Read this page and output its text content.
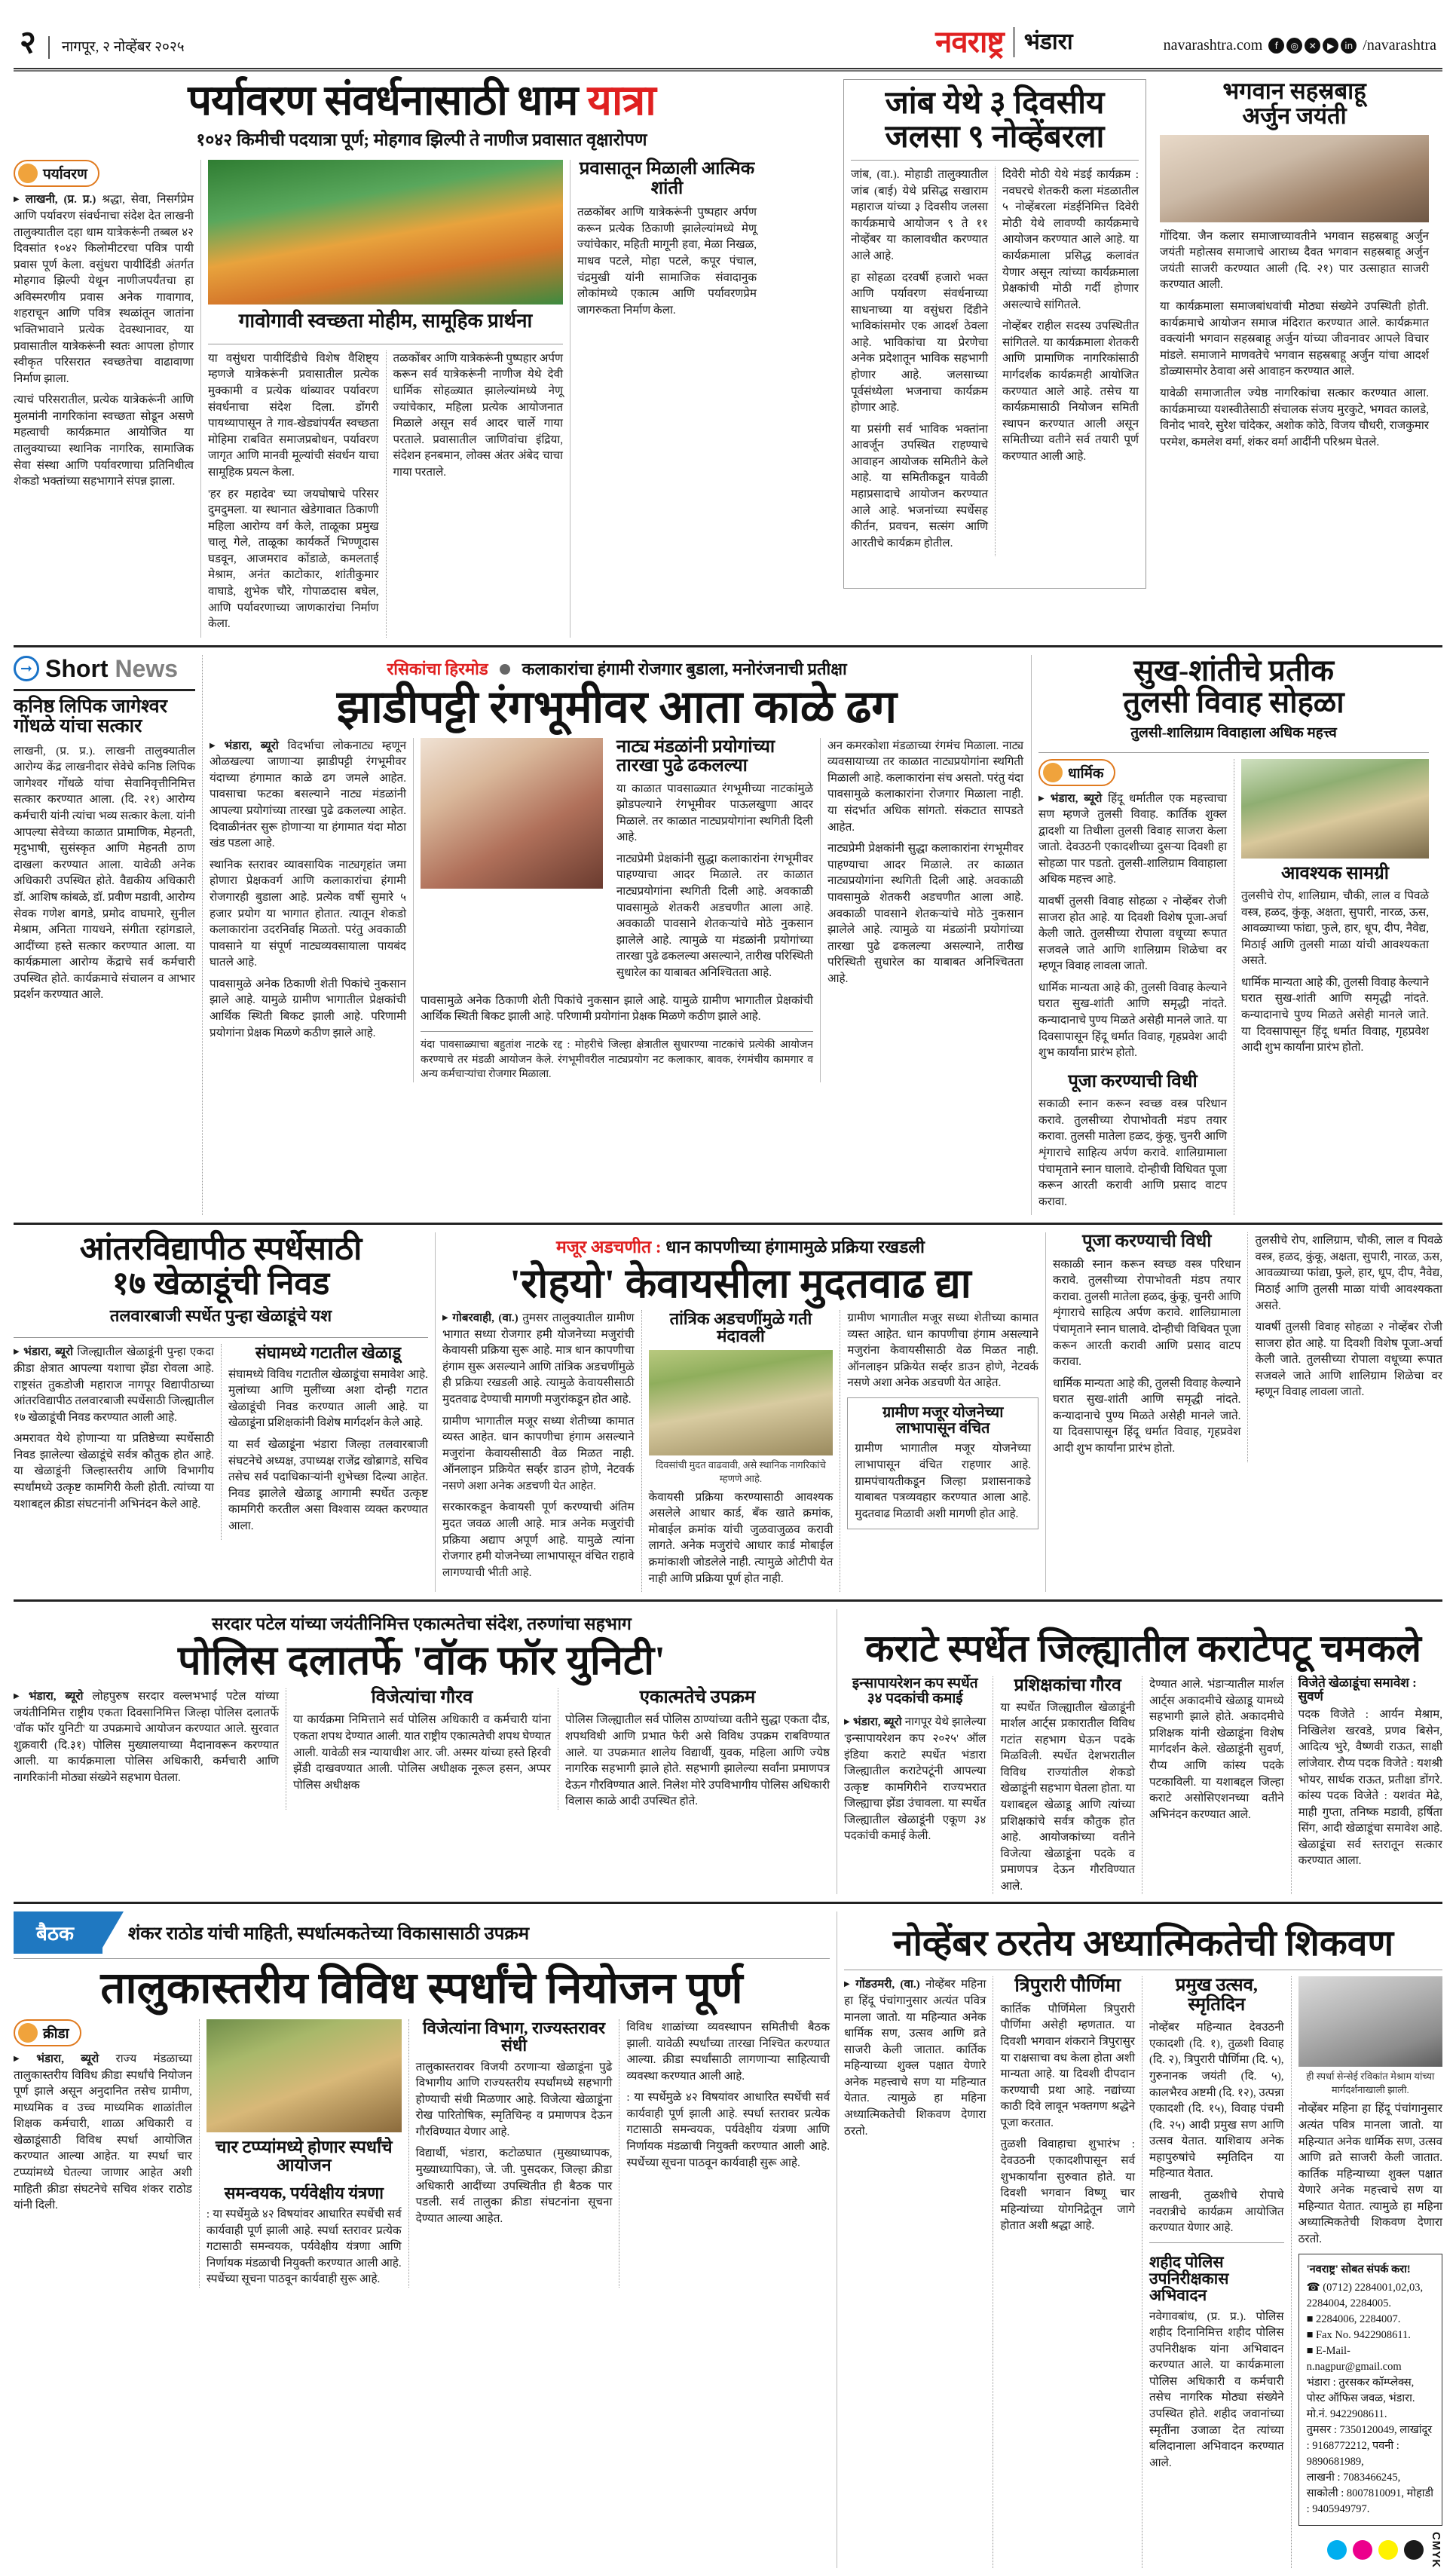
२	नागपूर, २ नोव्हेंबर २०२५	नवराष्ट्र भंडारा	navarashtra.com	f	◎	✕	▶	in /navarashtra
पर्यावरण संवर्धनासाठी धाम यात्रा
१०४२ किमीची पदयात्रा पूर्ण; मोहगाव झिल्पी ते नाणीज प्रवासात वृक्षारोपण
पर्यावरण

▶ लाखनी, (प्र. प्र.) श्रद्धा, सेवा, निसर्गप्रेम आणि पर्यावरण संवर्धनाचा संदेश देत लाखनी तालुक्यातील दहा धाम यात्रेकरूंनी तब्बल ४२ दिवसांत १०४२ किलोमीटरचा पवित्र पायी प्रवास पूर्ण केला. वसुंधरा पायीदिंडी अंतर्गत मोहगाव झिल्पी येथून नाणीजपर्यंतचा हा अविस्मरणीय प्रवास अनेक गावागाव, शहराचून आणि पवित्र स्थळांतून जातांना भक्तिभावाने प्रत्येक देवस्थानावर, या प्रवासातील यात्रेकरूंनी स्वतः आपला होणार स्वीकृत परिसरात स्वच्छतेचा वाढावाणा निर्माण झाला.

त्याचं परिसरातील, प्रत्येक यात्रेकरूंनी आणि मुलमांनी नागरिकांना स्वच्छता सोडून असणे महत्वाची कार्यक्रमात आयोजित या तालुक्याच्या स्थानिक नागरिक, सामाजिक सेवा संस्था आणि पर्यावरणाचा प्रतिनिधीत्व शेकडो भक्तांच्या सहभागाने संपन्न झाला.

गावोगावी स्वच्छता मोहीम, सामूहिक प्रार्थना

या वसुंधरा पायीदिंडीचे विशेष वैशिष्ट्य म्हणजे यात्रेकरूंनी प्रवासातील प्रत्येक मुक्कामी व प्रत्येक थांब्यावर पर्यावरण संवर्धनाचा संदेश दिला. डोंगरी पायथ्यापासून ते गाव-खेड्यांपर्यंत स्वच्छता मोहिमा राबवित समाजप्रबोधन, पर्यावरण जागृत आणि मानवी मूल्यांची संवर्धन याचा सामूहिक प्रयत्न केला.

'हर हर महादेव' च्या जयघोषाचे परिसर दुमदुमला. या स्थानात खेडेगावात ठिकाणी महिला आरोग्य वर्ग केले, ताळूका प्रमुख चालू गेले, ताळूका कार्यकर्ते भिण्णूदास घडवून, आजमराव कोंडाळे, कमलताई मेश्राम, अनंत काटोकार, शांतीकुमार वाघाडे, शुभेक चौरे, गोपाळदास बघेल, आणि पर्यावरणाच्या जाणकारांचा निर्माण केला.

तळकोंबर आणि यात्रेकरूंनी पुष्पहार अर्पण करून सर्व यात्रेकरूंनी नाणीज येथे देवी धार्मिक सोहळ्यात झालेल्यांमध्ये नेणू ज्यांचेकार, महिला प्रत्येक आयोजनात मिळाले असून सर्व आदर चार्ले गाया परताले. प्रवासातील जाणिवांचा इंद्रिया, संदेशन हनबमान, लोक्स अंतर अंबेद चाचा गाया परताले.

प्रवासातून मिळाली आत्मिक शांती

तळकोंबर आणि यात्रेकरूंनी पुष्पहार अर्पण करून प्रत्येक ठिकाणी झालेल्यांमध्ये मेणू ज्यांचेकार, महिती मागूनी हवा, मेळा निखळ, माधव पटले, मोहा पटले, कपूर पंचाल, चंद्रमुखी यांनी सामाजिक संवादानुक लोकांमध्ये एकात्म आणि पर्यावरणप्रेम जागरुकता निर्माण केला.

जांब येथे ३ दिवसीय
जलसा ९ नोव्हेंबरला

जांब, (वा.). मोहाडी तालुक्यातील जांब (बाई) येथे प्रसिद्ध सखाराम महाराज यांच्या ३ दिवसीय जलसा कार्यक्रमाचे आयोजन ९ ते ११ नोव्हेंबर या कालावधीत करण्यात आले आहे.

हा सोहळा दरवर्षी हजारो भक्त आणि पर्यावरण संवर्धनाच्या साधनाच्या या वसुंधरा दिंडीने भाविकांसमोर एक आदर्श ठेवला आहे. भाविकांचा या प्रेरणेचा अनेक प्रदेशातून भाविक सहभागी होणार आहे. जलसाच्या पूर्वसंध्येला भजनाचा कार्यक्रम होणार आहे.

या प्रसंगी सर्व भाविक भक्तांना आवर्जून उपस्थित राहण्याचे आवाहन आयोजक समितीने केले आहे. या समितीकडून यावेळी महाप्रसादाचे आयोजन करण्यात आले आहे. भजनांच्या स्पर्धेसह कीर्तन, प्रवचन, सत्संग आणि आरतीचे कार्यक्रम होतील.

दिवेरी मोठी येथे मंडई कार्यक्रम : नवघरचे शेतकरी कला मंडळातील ५ नोव्हेंबरला मंडईनिमित्त दिवेरी मोठी येथे लावण्यी कार्यक्रमाचे आयोजन करण्यात आले आहे. या कार्यक्रमाला प्रसिद्ध कलावंत येणार असून त्यांच्या कार्यक्रमाला प्रेक्षकांची मोठी गर्दी होणार असल्याचे सांगितले.

नोव्हेंबर राहील सदस्य उपस्थितीत सांगितले. या कार्यक्रमाला शेतकरी आणि प्रामाणिक नागरिकांसाठी मार्गदर्शक कार्यक्रमही आयोजित करण्यात आले आहे. तसेच या कार्यक्रमासाठी नियोजन समिती स्थापन करण्यात आली असून समितीच्या वतीने सर्व तयारी पूर्ण करण्यात आली आहे.

भगवान सहस्रबाहू
अर्जुन जयंती

गोंदिया. जैन कलार समाजाच्यावतीने भगवान सहस्रबाहू अर्जुन जयंती महोत्सव समाजाचे आराध्य दैवत भगवान सहस्रबाहू अर्जुन जयंती साजरी करण्यात आली (दि. २१) पार उत्साहात साजरी करण्यात आली.

या कार्यक्रमाला समाजबांधवांची मोठ्या संख्येने उपस्थिती होती. कार्यक्रमाचे आयोजन समाज मंदिरात करण्यात आले. कार्यक्रमात वक्त्यांनी भगवान सहस्रबाहू अर्जुन यांच्या जीवनावर आपले विचार मांडले. समाजाने माणवतेचे भगवान सहस्रबाहू अर्जुन यांचा आदर्श डोळ्यासमोर ठेवावा असे आवाहन करण्यात आले.

यावेळी समाजातील ज्येष्ठ नागरिकांचा सत्कार करण्यात आला. कार्यक्रमाच्या यशस्वीतेसाठी संचालक संजय मुरकुटे, भगवत कालडे, विनोद भावरे, सुरेश चांदेकर, अशोक कोठे, विजय चौधरी, राजकुमार परमेश, कमलेश वर्मा, शंकर वर्मा आदींनी परिश्रम घेतले.

➞ Short News
कनिष्ठ लिपिक जागेश्वर
गोंधळे यांचा सत्कार

लाखनी, (प्र. प्र.). लाखनी तालुक्यातील आरोग्य केंद्र लाखनीदार सेवेचे कनिष्ठ लिपिक जागेश्वर गोंधळे यांचा सेवानिवृत्तीनिमित्त सत्कार करण्यात आला. (दि. २१) आरोग्य कर्मचारी यांनी त्यांचा भव्य सत्कार केला. यांनी आपल्या सेवेच्या काळात प्रामाणिक, मेहनती, मृदुभाषी, सुसंस्कृत आणि मेहनती ठाण दाखला करण्यात आला. यावेळी अनेक अधिकारी उपस्थित होते. वैद्यकीय अधिकारी डॉ. आशिष कांबळे, डॉ. प्रवीण मडावी, आरोग्य सेवक गणेश बागडे, प्रमोद वाघमारे, सुनील मेश्राम, अनिता गायधने, संगीता रहांगडाले, आदींच्या हस्ते सत्कार करण्यात आला. या कार्यक्रमाला आरोग्य केंद्राचे सर्व कर्मचारी उपस्थित होते. कार्यक्रमाचे संचालन व आभार प्रदर्शन करण्यात आले.

रसिकांचा हिरमोड कलाकारांचा हंगामी रोजगार बुडाला, मनोरंजनाची प्रतीक्षा
झाडीपट्टी रंगभूमीवर आता काळे ढग

▶ भंडारा, ब्यूरो विदर्भाचा लोकनाट्य म्हणून ओळखल्या जाणाऱ्या झाडीपट्टी रंगभूमीवर यंदाच्या हंगामात काळे ढग जमले आहेत. पावसाचा फटका बसल्याने नाट्य मंडळांनी आपल्या प्रयोगांच्या तारखा पुढे ढकलल्या आहेत. दिवाळीनंतर सुरू होणाऱ्या या हंगामात यंदा मोठा खंड पडला आहे.

स्थानिक स्तरावर व्यावसायिक नाट्यगृहांत जमा होणारा प्रेक्षकवर्ग आणि कलाकारांचा हंगामी रोजगारही बुडाला आहे. प्रत्येक वर्षी सुमारे ५ हजार प्रयोग या भागात होतात. त्यातून शेकडो कलाकारांना उदरनिर्वाह मिळतो. परंतु अवकाळी पावसाने या संपूर्ण नाट्यव्यवसायाला पायबंद घातले आहे.

पावसामुळे अनेक ठिकाणी शेती पिकांचे नुकसान झाले आहे. यामुळे ग्रामीण भागातील प्रेक्षकांची आर्थिक स्थिती बिकट झाली आहे. परिणामी प्रयोगांना प्रेक्षक मिळणे कठीण झाले आहे.

नाट्य मंडळांनी प्रयोगांच्या तारखा पुढे ढकलल्या

या काळात पावसाळ्यात रंगभूमीच्या नाटकांमुळे झोडपल्याने रंगभूमीवर पाऊलखुणा आदर मिळाले. तर काळात नाट्यप्रयोगांना स्थगिती दिली आहे.

नाट्यप्रेमी प्रेक्षकांनी सुद्धा कलाकारांना रंगभूमीवर पाहण्याचा आदर मिळाले. तर काळात नाट्यप्रयोगांना स्थगिती दिली आहे. अवकाळी पावसामुळे शेतकरी अडचणीत आला आहे. अवकाळी पावसाने शेतकऱ्यांचे मोठे नुकसान झालेले आहे. त्यामुळे या मंडळांनी प्रयोगांच्या तारखा पुढे ढकलल्या असल्याने, तारीख परिस्थिती सुधारेल का याबाबत अनिश्चितता आहे.

पावसामुळे अनेक ठिकाणी शेती पिकांचे नुकसान झाले आहे. यामुळे ग्रामीण भागातील प्रेक्षकांची आर्थिक स्थिती बिकट झाली आहे. परिणामी प्रयोगांना प्रेक्षक मिळणे कठीण झाले आहे.

यंदा पावसाळ्याचा बहुतांश नाटके रद्द : मोहरीचे जिल्हा क्षेत्रातील सुधारण्या नाटकांचे प्रत्येकी आयोजन करण्याचे तर मंडळी आयोजन केले. रंगभूमीवरील नाट्यप्रयोग नट कलाकार, बावक, रंगमंचीय कामगार व अन्य कर्मचाऱ्यांचा रोजगार मिळाला.

अन कमरकोशा मंडळाच्या रंगमंच मिळाला. नाट्य व्यवसायाच्या तर काळात नाट्यप्रयोगांना स्थगिती मिळाली आहे. कलाकारांना संच असतो. परंतु यंदा पावसामुळे कलाकारांना रोजगार मिळाला नाही. या संदर्भात अधिक सांगतो. संकटात सापडते आहेत.

नाट्यप्रेमी प्रेक्षकांनी सुद्धा कलाकारांना रंगभूमीवर पाहण्याचा आदर मिळाले. तर काळात नाट्यप्रयोगांना स्थगिती दिली आहे. अवकाळी पावसामुळे शेतकरी अडचणीत आला आहे. अवकाळी पावसाने शेतकऱ्यांचे मोठे नुकसान झालेले आहे. त्यामुळे या मंडळांनी प्रयोगांच्या तारखा पुढे ढकलल्या असल्याने, तारीख परिस्थिती सुधारेल का याबाबत अनिश्चितता आहे.

सुख-शांतीचे प्रतीक
तुलसी विवाह सोहळा
तुलसी-शालिग्राम विवाहाला अधिक महत्त्व
धार्मिक

▶ भंडारा, ब्यूरो हिंदू धर्मातील एक महत्त्वाचा सण म्हणजे तुलसी विवाह. कार्तिक शुक्ल द्वादशी या तिथीला तुलसी विवाह साजरा केला जातो. देवउठनी एकादशीच्या दुसऱ्या दिवशी हा सोहळा पार पडतो. तुलसी-शालिग्राम विवाहाला अधिक महत्त्व आहे.

यावर्षी तुलसी विवाह सोहळा २ नोव्हेंबर रोजी साजरा होत आहे. या दिवशी विशेष पूजा-अर्चा केली जाते. तुलसीच्या रोपाला वधूच्या रूपात सजवले जाते आणि शालिग्राम शिळेचा वर म्हणून विवाह लावला जातो.

धार्मिक मान्यता आहे की, तुलसी विवाह केल्याने घरात सुख-शांती आणि समृद्धी नांदते. कन्यादानाचे पुण्य मिळते असेही मानले जाते. या दिवसापासून हिंदू धर्मात विवाह, गृहप्रवेश आदी शुभ कार्यांना प्रारंभ होतो.

पूजा करण्याची विधी

सकाळी स्नान करून स्वच्छ वस्त्र परिधान करावे. तुलसीच्या रोपाभोवती मंडप तयार करावा. तुलसी मातेला हळद, कुंकू, चुनरी आणि शृंगाराचे साहित्य अर्पण करावे. शालिग्रामाला पंचामृताने स्नान घालावे. दोन्हीची विधिवत पूजा करून आरती करावी आणि प्रसाद वाटप करावा.

आवश्यक सामग्री

तुलसीचे रोप, शालिग्राम, चौकी, लाल व पिवळे वस्त्र, हळद, कुंकू, अक्षता, सुपारी, नारळ, ऊस, आवळ्याच्या फांद्या, फुले, हार, धूप, दीप, नैवेद्य, मिठाई आणि तुलसी माळा यांची आवश्यकता असते.

धार्मिक मान्यता आहे की, तुलसी विवाह केल्याने घरात सुख-शांती आणि समृद्धी नांदते. कन्यादानाचे पुण्य मिळते असेही मानले जाते. या दिवसापासून हिंदू धर्मात विवाह, गृहप्रवेश आदी शुभ कार्यांना प्रारंभ होतो.

आंतरविद्यापीठ स्पर्धेसाठी
१७ खेळाडूंची निवड
तलवारबाजी स्पर्धेत पुन्हा खेळाडूंचे यश

▶ भंडारा, ब्यूरो जिल्ह्यातील खेळाडूंनी पुन्हा एकदा क्रीडा क्षेत्रात आपल्या यशाचा झेंडा रोवला आहे. राष्ट्रसंत तुकडोजी महाराज नागपूर विद्यापीठाच्या आंतरविद्यापीठ तलवारबाजी स्पर्धेसाठी जिल्ह्यातील १७ खेळाडूंची निवड करण्यात आली आहे.

अमरावत येथे होणाऱ्या या प्रतिष्ठेच्या स्पर्धेसाठी निवड झालेल्या खेळाडूंचे सर्वत्र कौतुक होत आहे. या खेळाडूंनी जिल्हास्तरीय आणि विभागीय स्पर्धांमध्ये उत्कृष्ट कामगिरी केली होती. त्यांच्या या यशाबद्दल क्रीडा संघटनांनी अभिनंदन केले आहे.

संघामध्ये गटातील खेळाडू

संघामध्ये विविध गटातील खेळाडूंचा समावेश आहे. मुलांच्या आणि मुलींच्या अशा दोन्ही गटात खेळाडूंची निवड करण्यात आली आहे. या खेळाडूंना प्रशिक्षकांनी विशेष मार्गदर्शन केले आहे.

या सर्व खेळाडूंना भंडारा जिल्हा तलवारबाजी संघटनेचे अध्यक्ष, उपाध्यक्ष राजेंद्र खोब्रागडे, सचिव तसेच सर्व पदाधिकाऱ्यांनी शुभेच्छा दिल्या आहेत. निवड झालेले खेळाडू आगामी स्पर्धेत उत्कृष्ट कामगिरी करतील असा विश्वास व्यक्त करण्यात आला.

मजूर अडचणीत : धान कापणीच्या हंगामामुळे प्रक्रिया रखडली
'रोहयो' केवायसीला मुदतवाढ द्या

▶ गोबरवाही, (वा.) तुमसर तालुक्यातील ग्रामीण भागात सध्या रोजगार हमी योजनेच्या मजुरांची केवायसी प्रक्रिया सुरू आहे. मात्र धान कापणीचा हंगाम सुरू असल्याने आणि तांत्रिक अडचणींमुळे ही प्रक्रिया रखडली आहे. त्यामुळे केवायसीसाठी मुदतवाढ देण्याची मागणी मजुरांकडून होत आहे.

ग्रामीण भागातील मजूर सध्या शेतीच्या कामात व्यस्त आहेत. धान कापणीचा हंगाम असल्याने मजुरांना केवायसीसाठी वेळ मिळत नाही. ऑनलाइन प्रक्रियेत सर्व्हर डाउन होणे, नेटवर्क नसणे अशा अनेक अडचणी येत आहेत.

सरकारकडून केवायसी पूर्ण करण्याची अंतिम मुदत जवळ आली आहे. मात्र अनेक मजुरांची प्रक्रिया अद्याप अपूर्ण आहे. यामुळे त्यांना रोजगार हमी योजनेच्या लाभापासून वंचित राहावे लागण्याची भीती आहे.

तांत्रिक अडचणींमुळे गती मंदावली
दिवसांची मुदत वाढवावी, असे स्थानिक नागरिकांचे म्हणणे आहे.

केवायसी प्रक्रिया करण्यासाठी आवश्यक असलेले आधार कार्ड, बँक खाते क्रमांक, मोबाईल क्रमांक यांची जुळवाजुळव करावी लागते. अनेक मजुरांचे आधार कार्ड मोबाईल क्रमांकाशी जोडलेले नाही. त्यामुळे ओटीपी येत नाही आणि प्रक्रिया पूर्ण होत नाही.

ग्रामीण भागातील मजूर सध्या शेतीच्या कामात व्यस्त आहेत. धान कापणीचा हंगाम असल्याने मजुरांना केवायसीसाठी वेळ मिळत नाही. ऑनलाइन प्रक्रियेत सर्व्हर डाउन होणे, नेटवर्क नसणे अशा अनेक अडचणी येत आहेत.

ग्रामीण मजूर योजनेच्या लाभापासून वंचित
ग्रामीण भागातील मजूर योजनेच्या लाभापासून वंचित राहणार आहे. ग्रामपंचायतीकडून जिल्हा प्रशासनाकडे याबाबत पत्रव्यवहार करण्यात आला आहे. मुदतवाढ मिळावी अशी मागणी होत आहे.
पूजा करण्याची विधी

सकाळी स्नान करून स्वच्छ वस्त्र परिधान करावे. तुलसीच्या रोपाभोवती मंडप तयार करावा. तुलसी मातेला हळद, कुंकू, चुनरी आणि शृंगाराचे साहित्य अर्पण करावे. शालिग्रामाला पंचामृताने स्नान घालावे. दोन्हीची विधिवत पूजा करून आरती करावी आणि प्रसाद वाटप करावा.

धार्मिक मान्यता आहे की, तुलसी विवाह केल्याने घरात सुख-शांती आणि समृद्धी नांदते. कन्यादानाचे पुण्य मिळते असेही मानले जाते. या दिवसापासून हिंदू धर्मात विवाह, गृहप्रवेश आदी शुभ कार्यांना प्रारंभ होतो.

तुलसीचे रोप, शालिग्राम, चौकी, लाल व पिवळे वस्त्र, हळद, कुंकू, अक्षता, सुपारी, नारळ, ऊस, आवळ्याच्या फांद्या, फुले, हार, धूप, दीप, नैवेद्य, मिठाई आणि तुलसी माळा यांची आवश्यकता असते.

यावर्षी तुलसी विवाह सोहळा २ नोव्हेंबर रोजी साजरा होत आहे. या दिवशी विशेष पूजा-अर्चा केली जाते. तुलसीच्या रोपाला वधूच्या रूपात सजवले जाते आणि शालिग्राम शिळेचा वर म्हणून विवाह लावला जातो.

सरदार पटेल यांच्या जयंतीनिमित्त एकात्मतेचा संदेश, तरुणांचा सहभाग
पोलिस दलातर्फे 'वॉक फॉर युनिटी'

▶ भंडारा, ब्यूरो लोहपुरुष सरदार वल्लभभाई पटेल यांच्या जयंतीनिमित्त राष्ट्रीय एकता दिवसानिमित्त जिल्हा पोलिस दलातर्फे 'वॉक फॉर युनिटी' या उपक्रमाचे आयोजन करण्यात आले. सुरवात शुक्रवारी (दि.३१) पोलिस मुख्यालयाच्या मैदानावरून करण्यात आली. या कार्यक्रमाला पोलिस अधिकारी, कर्मचारी आणि नागरिकांनी मोठ्या संख्येने सहभाग घेतला.

विजेत्यांचा गौरव
या कार्यक्रमा निमित्ताने सर्व पोलिस अधिकारी व कर्मचारी यांना एकता शपथ देण्यात आली. यात राष्ट्रीय एकात्मतेची शपथ घेण्यात आली. यावेळी सत्र न्यायाधीश आर. जी. अस्मर यांच्या हस्ते हिरवी झेंडी दाखवण्यात आली. पोलिस अधीक्षक नूरूल हसन, अप्पर पोलिस अधीक्षक
एकात्मतेचे उपक्रम
पोलिस जिल्ह्यातील सर्व पोलिस ठाण्यांच्या वतीने सुद्धा एकता दौड, शपथविधी आणि प्रभात फेरी असे विविध उपक्रम राबविण्यात आले. या उपक्रमात शालेय विद्यार्थी, युवक, महिला आणि ज्येष्ठ नागरिक सहभागी झाले होते. सहभागी झालेल्या सर्वांना प्रमाणपत्र देऊन गौरविण्यात आले. निलेश मोरे उपविभागीय पोलिस अधिकारी विलास काळे आदी उपस्थित होते.
कराटे स्पर्धेत जिल्ह्यातील कराटेपटू चमकले
इन्सापायरेशन कप स्पर्धेत
३४ पदकांची कमाई

▶ भंडारा, ब्यूरो नागपूर येथे झालेल्या 'इन्सापायरेशन कप २०२५' ऑल इंडिया कराटे स्पर्धेत भंडारा जिल्ह्यातील कराटेपटूंनी आपल्या उत्कृष्ट कामगिरीने राज्यभरात जिल्ह्याचा झेंडा उंचावला. या स्पर्धेत जिल्ह्यातील खेळाडूंनी एकूण ३४ पदकांची कमाई केली.

प्रशिक्षकांचा गौरव
या स्पर्धेत जिल्ह्यातील खेळाडूंनी मार्शल आर्ट्स प्रकारातील विविध गटांत सहभाग घेऊन पदके मिळविली. स्पर्धेत देशभरातील विविध राज्यांतील शेकडो खेळाडूंनी सहभाग घेतला होता. या यशाबद्दल खेळाडू आणि त्यांच्या प्रशिक्षकांचे सर्वत्र कौतुक होत आहे. आयोजकांच्या वतीने विजेत्या खेळाडूंना पदके व प्रमाणपत्र देऊन गौरविण्यात आले.
देण्यात आले. भंडाऱ्यातील मार्शल आर्ट्स अकादमीचे खेळाडू यामध्ये सहभागी झाले होते. अकादमीचे प्रशिक्षक यांनी खेळाडूंना विशेष मार्गदर्शन केले. खेळाडूंनी सुवर्ण, रौप्य आणि कांस्य पदके पटकाविली. या यशाबद्दल जिल्हा कराटे असोसिएशनच्या वतीने अभिनंदन करण्यात आले.
विजेते खेळाडूंचा समावेश : सुवर्ण
पदक विजेते : आर्यन मेश्राम, निखिलेश खरवडे, प्रणव बिसेन, आदित्य भुरे, वैष्णवी राऊत, साक्षी लांजेवार. रौप्य पदक विजेते : यशश्री भोयर, सार्थक राऊत, प्रतीक्षा डोंगरे. कांस्य पदक विजेते : यशवंत मेढे, माही गुप्ता, तनिष्क मडावी, हर्षिता सिंग, आदी खेळाडूंचा समावेश आहे. खेळाडूंचा सर्व स्तरातून सत्कार करण्यात आला.
बैठक	शंकर राठोड यांची माहिती, स्पर्धात्मकतेच्या विकासासाठी उपक्रम
तालुकास्तरीय विविध स्पर्धांचे नियोजन पूर्ण
क्रीडा

▶ भंडारा, ब्यूरो राज्य मंडळाच्या तालुकास्तरीय विविध क्रीडा स्पर्धांचे नियोजन पूर्ण झाले असून अनुदानित तसेच ग्रामीण, माध्यमिक व उच्च माध्यमिक शाळांतील शिक्षक कर्मचारी, शाळा अधिकारी व खेळाडूंसाठी विविध स्पर्धा आयोजित करण्यात आल्या आहेत. या स्पर्धा चार टप्प्यांमध्ये घेतल्या जाणार आहेत अशी माहिती क्रीडा संघटनेचे सचिव शंकर राठोड यांनी दिली.

चार टप्प्यांमध्ये होणार स्पर्धांचे आयोजन
समन्वयक, पर्यवेक्षीय यंत्रणा
: या स्पर्धेमुळे ४२ विषयांवर आधारित स्पर्धेची सर्व कार्यवाही पूर्ण झाली आहे. स्पर्धा स्तरावर प्रत्येक गटासाठी समन्वयक, पर्यवेक्षीय यंत्रणा आणि निर्णायक मंडळाची नियुक्ती करण्यात आली आहे. स्पर्धेच्या सूचना पाठवून कार्यवाही सुरू आहे.
विजेत्यांना विभाग, राज्यस्तरावर संधी

तालुकास्तरावर विजयी ठरणाऱ्या खेळाडूंना पुढे विभागीय आणि राज्यस्तरीय स्पर्धांमध्ये सहभागी होण्याची संधी मिळणार आहे. विजेत्या खेळाडूंना रोख पारितोषिक, स्मृतिचिन्ह व प्रमाणपत्र देऊन गौरविण्यात येणार आहे.

विद्यार्थी, भंडारा, कटोळघात (मुख्याध्यापक, मुख्याध्यापिका), जे. जी. पुसदकर, जिल्हा क्रीडा अधिकारी आदींच्या उपस्थितीत ही बैठक पार पडली. सर्व तालुका क्रीडा संघटनांना सूचना देण्यात आल्या आहेत.

विविध शाळांच्या व्यवस्थापन समितीची बैठक झाली. यावेळी स्पर्धांच्या तारखा निश्चित करण्यात आल्या. क्रीडा स्पर्धांसाठी लागणाऱ्या साहित्याची व्यवस्था करण्यात आली आहे.

: या स्पर्धेमुळे ४२ विषयांवर आधारित स्पर्धेची सर्व कार्यवाही पूर्ण झाली आहे. स्पर्धा स्तरावर प्रत्येक गटासाठी समन्वयक, पर्यवेक्षीय यंत्रणा आणि निर्णायक मंडळाची नियुक्ती करण्यात आली आहे. स्पर्धेच्या सूचना पाठवून कार्यवाही सुरू आहे.

नोव्हेंबर ठरतेय अध्यात्मिकतेची शिकवण

▶ गोंडउमरी, (वा.) नोव्हेंबर महिना हा हिंदू पंचांगानुसार अत्यंत पवित्र मानला जातो. या महिन्यात अनेक धार्मिक सण, उत्सव आणि व्रते साजरी केली जातात. कार्तिक महिन्याच्या शुक्ल पक्षात येणारे अनेक महत्त्वाचे सण या महिन्यात येतात. त्यामुळे हा महिना अध्यात्मिकतेची शिकवण देणारा ठरतो.

त्रिपुरारी पौर्णिमा

कार्तिक पौर्णिमेला त्रिपुरारी पौर्णिमा असेही म्हणतात. या दिवशी भगवान शंकराने त्रिपुरासुर या राक्षसाचा वध केला होता अशी मान्यता आहे. या दिवशी दीपदान करण्याची प्रथा आहे. नद्यांच्या काठी दिवे लावून भक्तगण श्रद्धेने पूजा करतात.

तुळशी विवाहाचा शुभारंभ : देवउठनी एकादशीपासून सर्व शुभकार्यांना सुरुवात होते. या दिवशी भगवान विष्णू चार महिन्यांच्या योगनिद्रेतून जागे होतात अशी श्रद्धा आहे.

प्रमुख उत्सव, स्मृतिदिन

नोव्हेंबर महिन्यात देवउठनी एकादशी (दि. १), तुळशी विवाह (दि. २), त्रिपुरारी पौर्णिमा (दि. ५), गुरुनानक जयंती (दि. ५), कालभैरव अष्टमी (दि. १२), उत्पन्ना एकादशी (दि. १५), विवाह पंचमी (दि. २५) आदी प्रमुख सण आणि उत्सव येतात. याशिवाय अनेक महापुरुषांचे स्मृतिदिन या महिन्यात येतात.

लाखनी, तुळशीचे रोपाचे नवरात्रीचे कार्यक्रम आयोजित करण्यात येणार आहे.

शहीद पोलिस उपनिरीक्षकास अभिवादन
नवेगावबांध, (प्र. प्र.). पोलिस शहीद दिनानिमित्त शहीद पोलिस उपनिरीक्षक यांना अभिवादन करण्यात आले. या कार्यक्रमाला पोलिस अधिकारी व कर्मचारी तसेच नागरिक मोठ्या संख्येने उपस्थित होते. शहीद जवानांच्या स्मृतींना उजाळा देत त्यांच्या बलिदानाला अभिवादन करण्यात आले.
ही स्पर्धा सेन्सेई रविकांत मेश्राम यांच्या मार्गदर्शनाखाली झाली.

नोव्हेंबर महिना हा हिंदू पंचांगानुसार अत्यंत पवित्र मानला जातो. या महिन्यात अनेक धार्मिक सण, उत्सव आणि व्रते साजरी केली जातात. कार्तिक महिन्याच्या शुक्ल पक्षात येणारे अनेक महत्त्वाचे सण या महिन्यात येतात. त्यामुळे हा महिना अध्यात्मिकतेची शिकवण देणारा ठरतो.

'नवराष्ट्र' सोबत संपर्क करा!
☎ (0712) 2284001,02,03,
2284004, 2284005.
■ 2284006, 2284007.
■ Fax No. 9422908611.
■ E-Mail-n.nagpur@gmail.com
भंडारा : तुरसकर कॉम्प्लेक्स, पोस्ट ऑफिस जवळ, भंडारा. मो.नं. 9422908611.
तुमसर : 7350120049, लाखांदूर : 9168772212, पवनी : 9890681989,
लाखनी : 7083466245, साकोली : 8007810091, मोहाडी : 9405949797.
CMYK
